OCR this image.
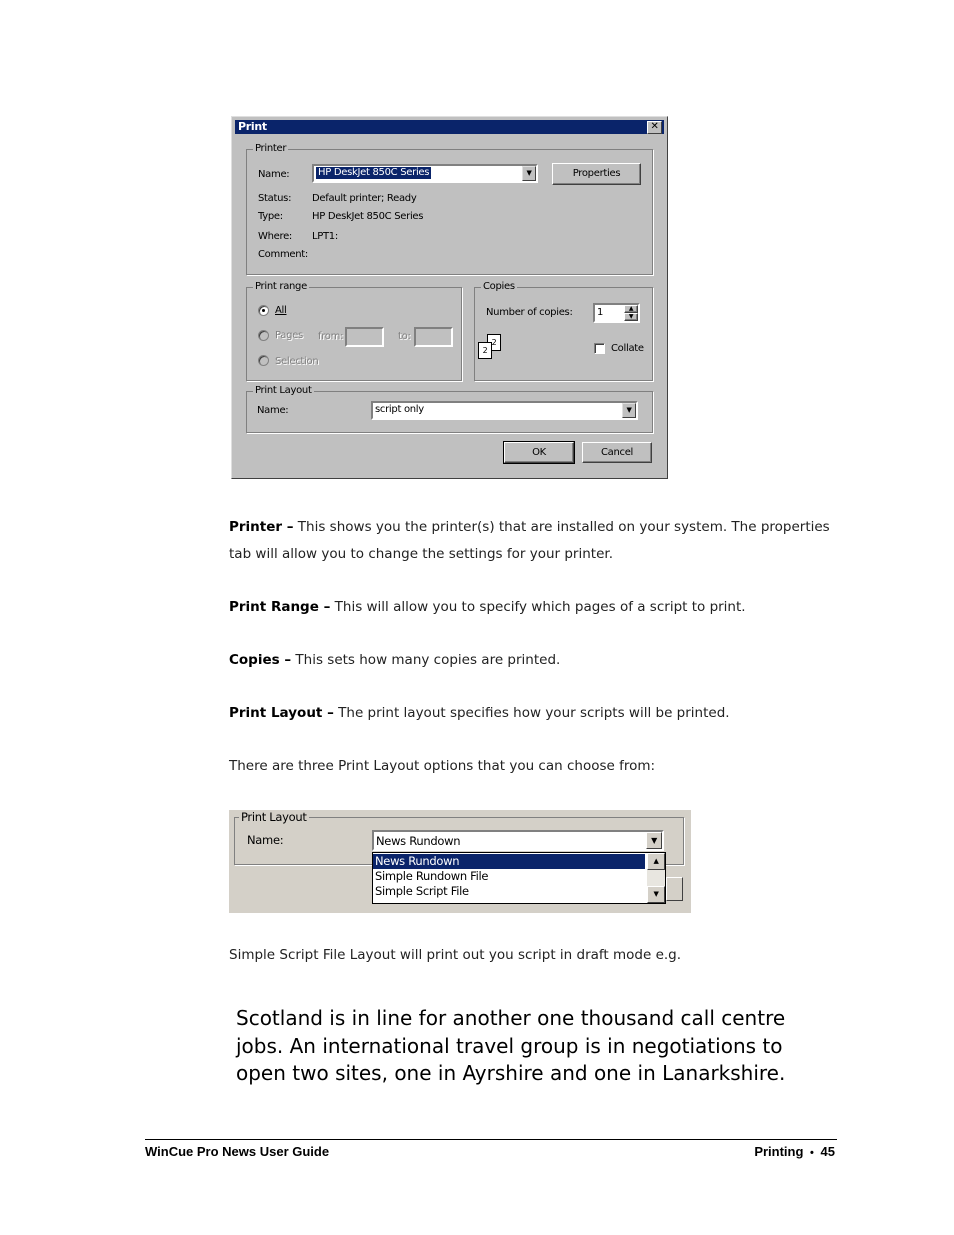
Print	✕
Printer
Name:	HP DeskJet 850C Series	▼	Properties
Status: Default printer; Ready
Type:	HP DeskJet 850C Series
Where: LPT1:
Comment:
Print range
All
Pages from:	to:
Selection
Copies
Number of copies: 1	▲
▼
2
2	Collate
Print Layout
Name:	script only	▼
OK	Cancel
Printer – This shows you the printer(s) that are installed on your system. The properties
tab will allow you to change the settings for your printer.
Print Range – This will allow you to specify which pages of a script to print.
Copies – This sets how many copies are printed.
Print Layout – The print layout specifies how your scripts will be printed.
There are three Print Layout options that you can choose from:
Print Layout
Name:	News Rundown	▼
News Rundown
Simple Rundown File
Simple Script File
▲
▼
Simple Script File Layout will print out you script in draft mode e.g.
Scotland is in line for another one thousand call centre
jobs. An international travel group is in negotiations to
open two sites, one in Ayrshire and one in Lanarkshire.
WinCue Pro News User Guide	Printing • 45
